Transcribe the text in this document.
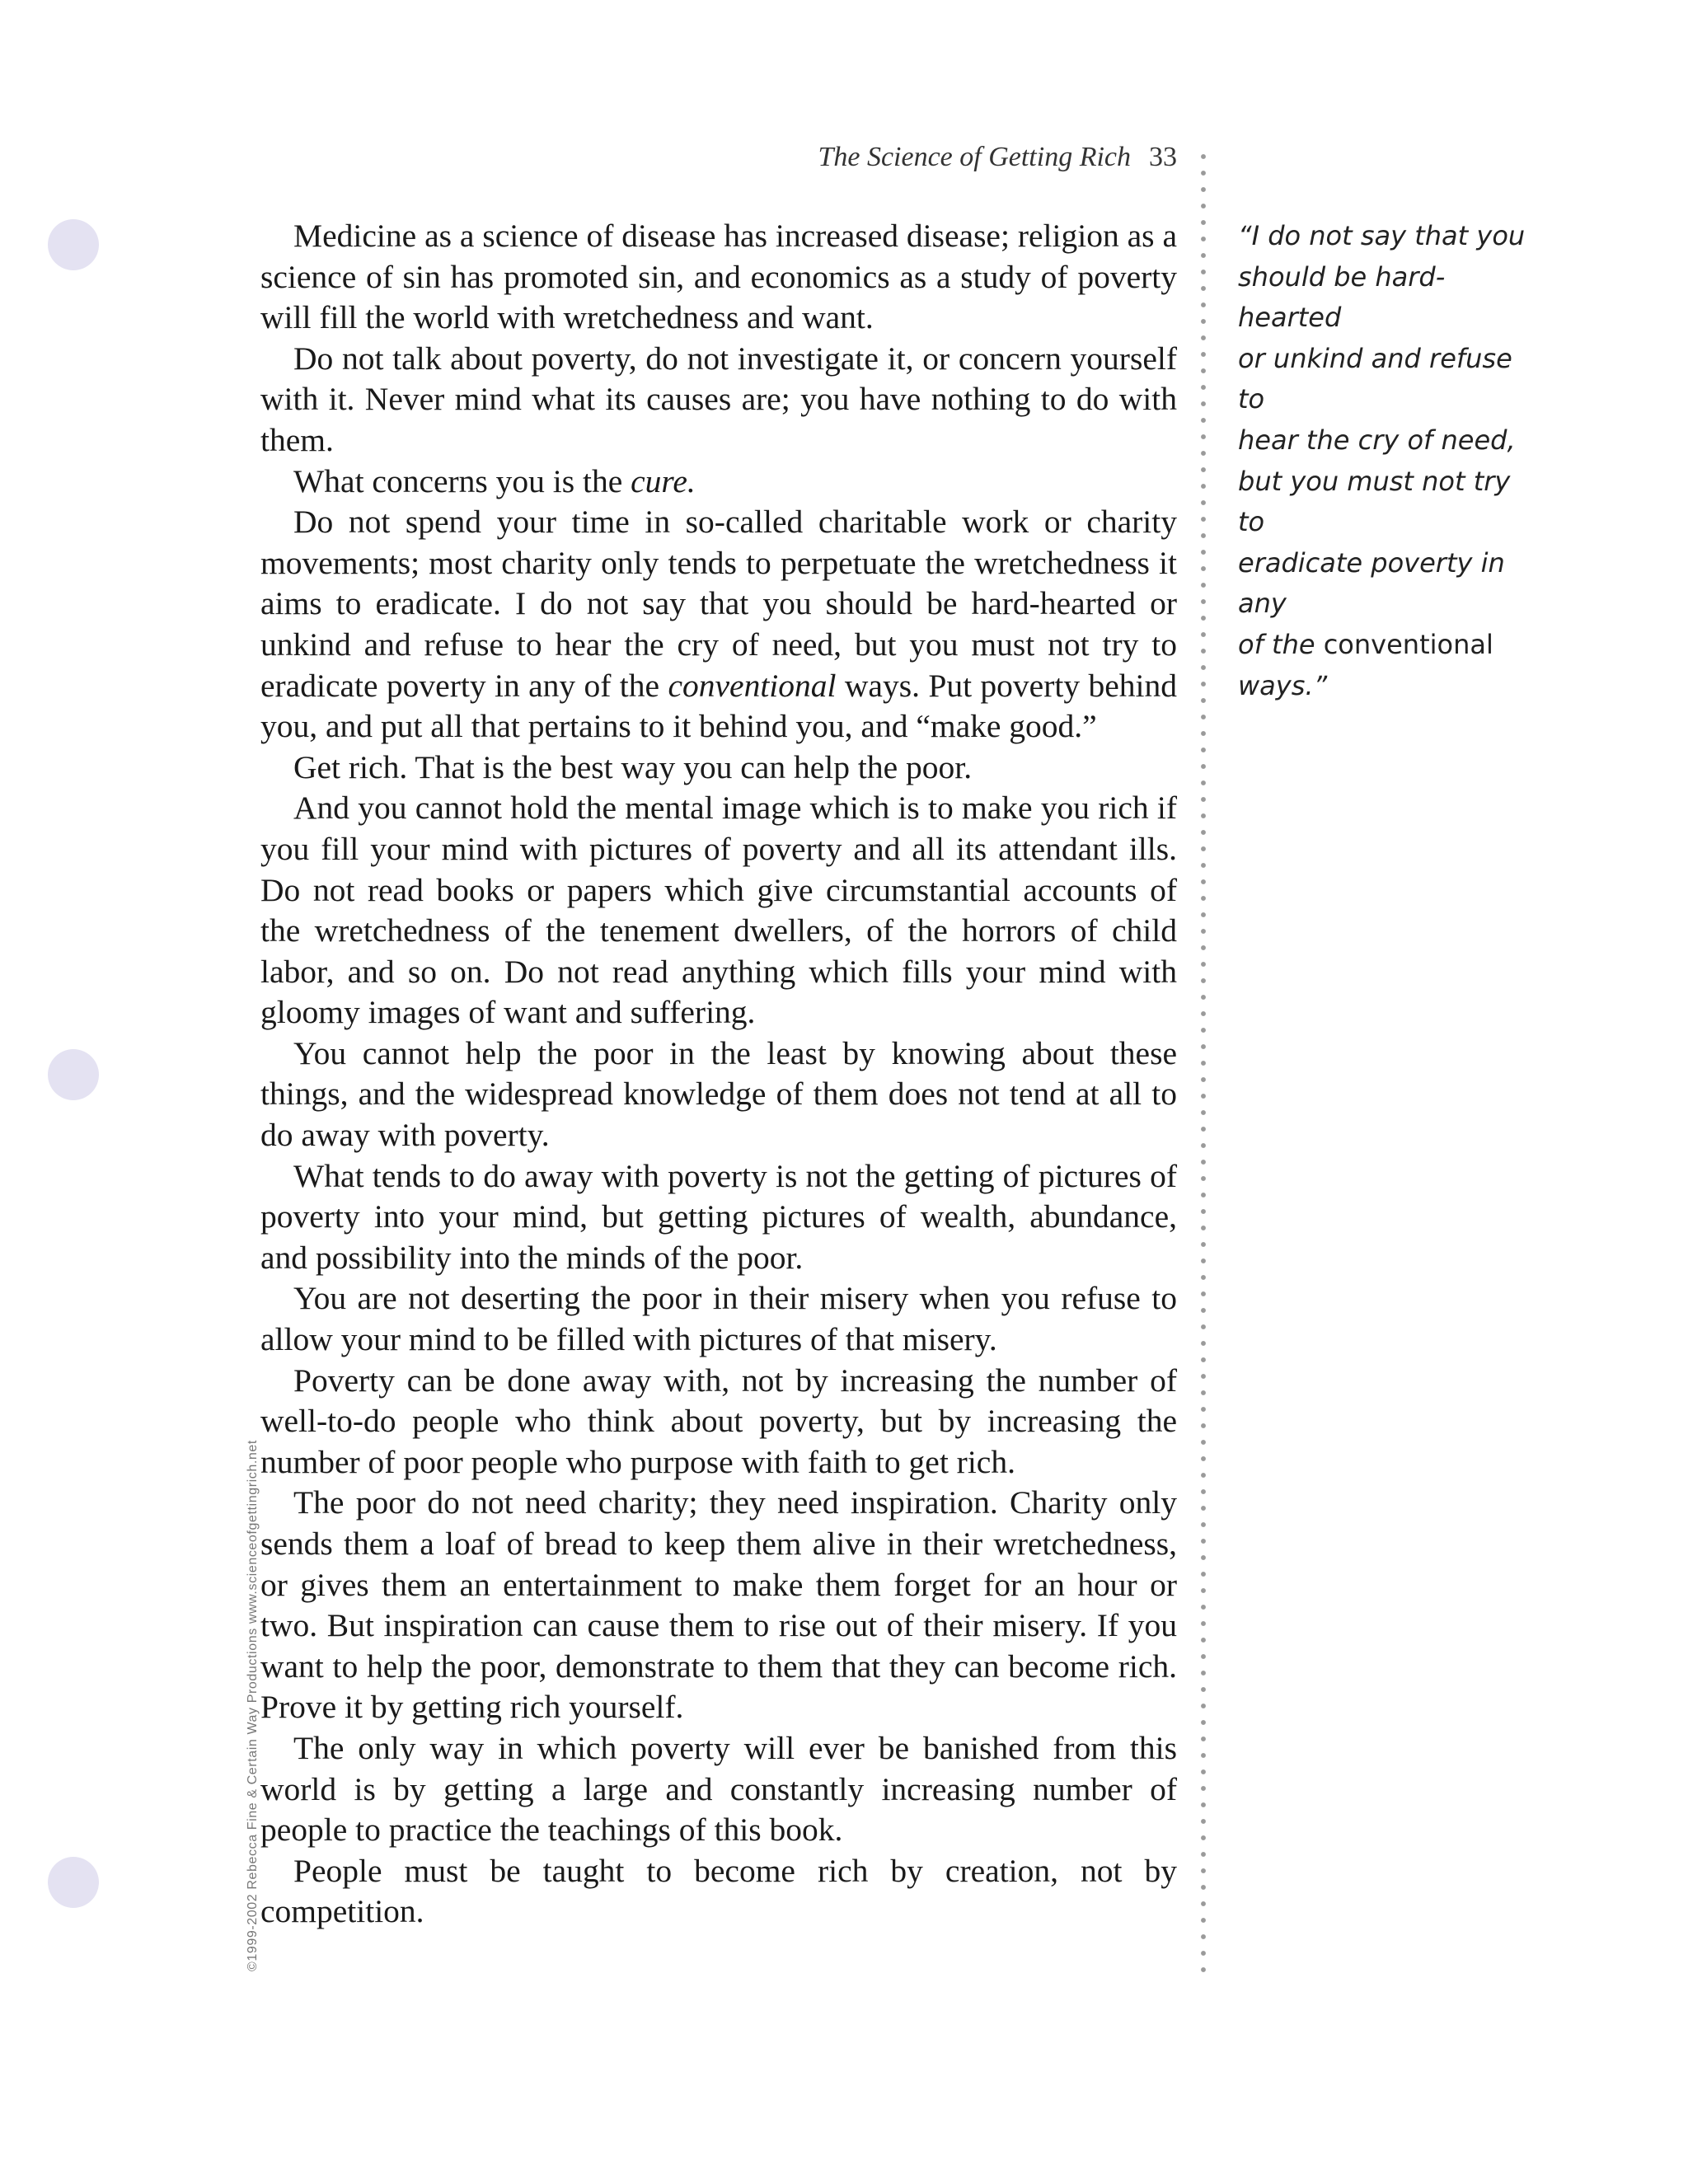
The Science of Getting Rich 33

Medicine as a science of disease has increased disease; religion as a science of sin has promoted sin, and economics as a study of poverty will fill the world with wretchedness and want.

Do not talk about poverty, do not investigate it, or concern yourself with it. Never mind what its causes are; you have nothing to do with them.

What concerns you is the cure.

Do not spend your time in so-called charitable work or charity movements; most charity only tends to perpetuate the wretchedness it aims to eradicate. I do not say that you should be hard-hearted or unkind and refuse to hear the cry of need, but you must not try to eradicate poverty in any of the conventional ways. Put poverty behind you, and put all that pertains to it behind you, and “make good.”

Get rich. That is the best way you can help the poor.

And you cannot hold the mental image which is to make you rich if you fill your mind with pictures of poverty and all its attendant ills. Do not read books or papers which give circumstantial accounts of the wretchedness of the tenement dwellers, of the horrors of child labor, and so on. Do not read anything which fills your mind with gloomy images of want and suffering.

You cannot help the poor in the least by knowing about these things, and the widespread knowledge of them does not tend at all to do away with poverty.

What tends to do away with poverty is not the getting of pictures of poverty into your mind, but getting pictures of wealth, abundance, and possibility into the minds of the poor.

You are not deserting the poor in their misery when you refuse to allow your mind to be filled with pictures of that misery.

Poverty can be done away with, not by increasing the number of well-to-do people who think about poverty, but by increasing the number of poor people who purpose with faith to get rich.

The poor do not need charity; they need inspiration. Charity only sends them a loaf of bread to keep them alive in their wretchedness, or gives them an entertainment to make them forget for an hour or two. But inspiration can cause them to rise out of their misery. If you want to help the poor, demonstrate to them that they can become rich. Prove it by getting rich yourself.

The only way in which poverty will ever be banished from this world is by getting a large and constantly increasing number of people to practice the teachings of this book.

People must be taught to become rich by creation, not by competition.

“I do not say that you
should be hard-hearted
or unkind and refuse to
hear the cry of need,
but you must not try to
eradicate poverty in any
of the conventional
ways.”
©1999-2002 Rebecca Fine & Certain Way Productions www.scienceofgettingrich.net
